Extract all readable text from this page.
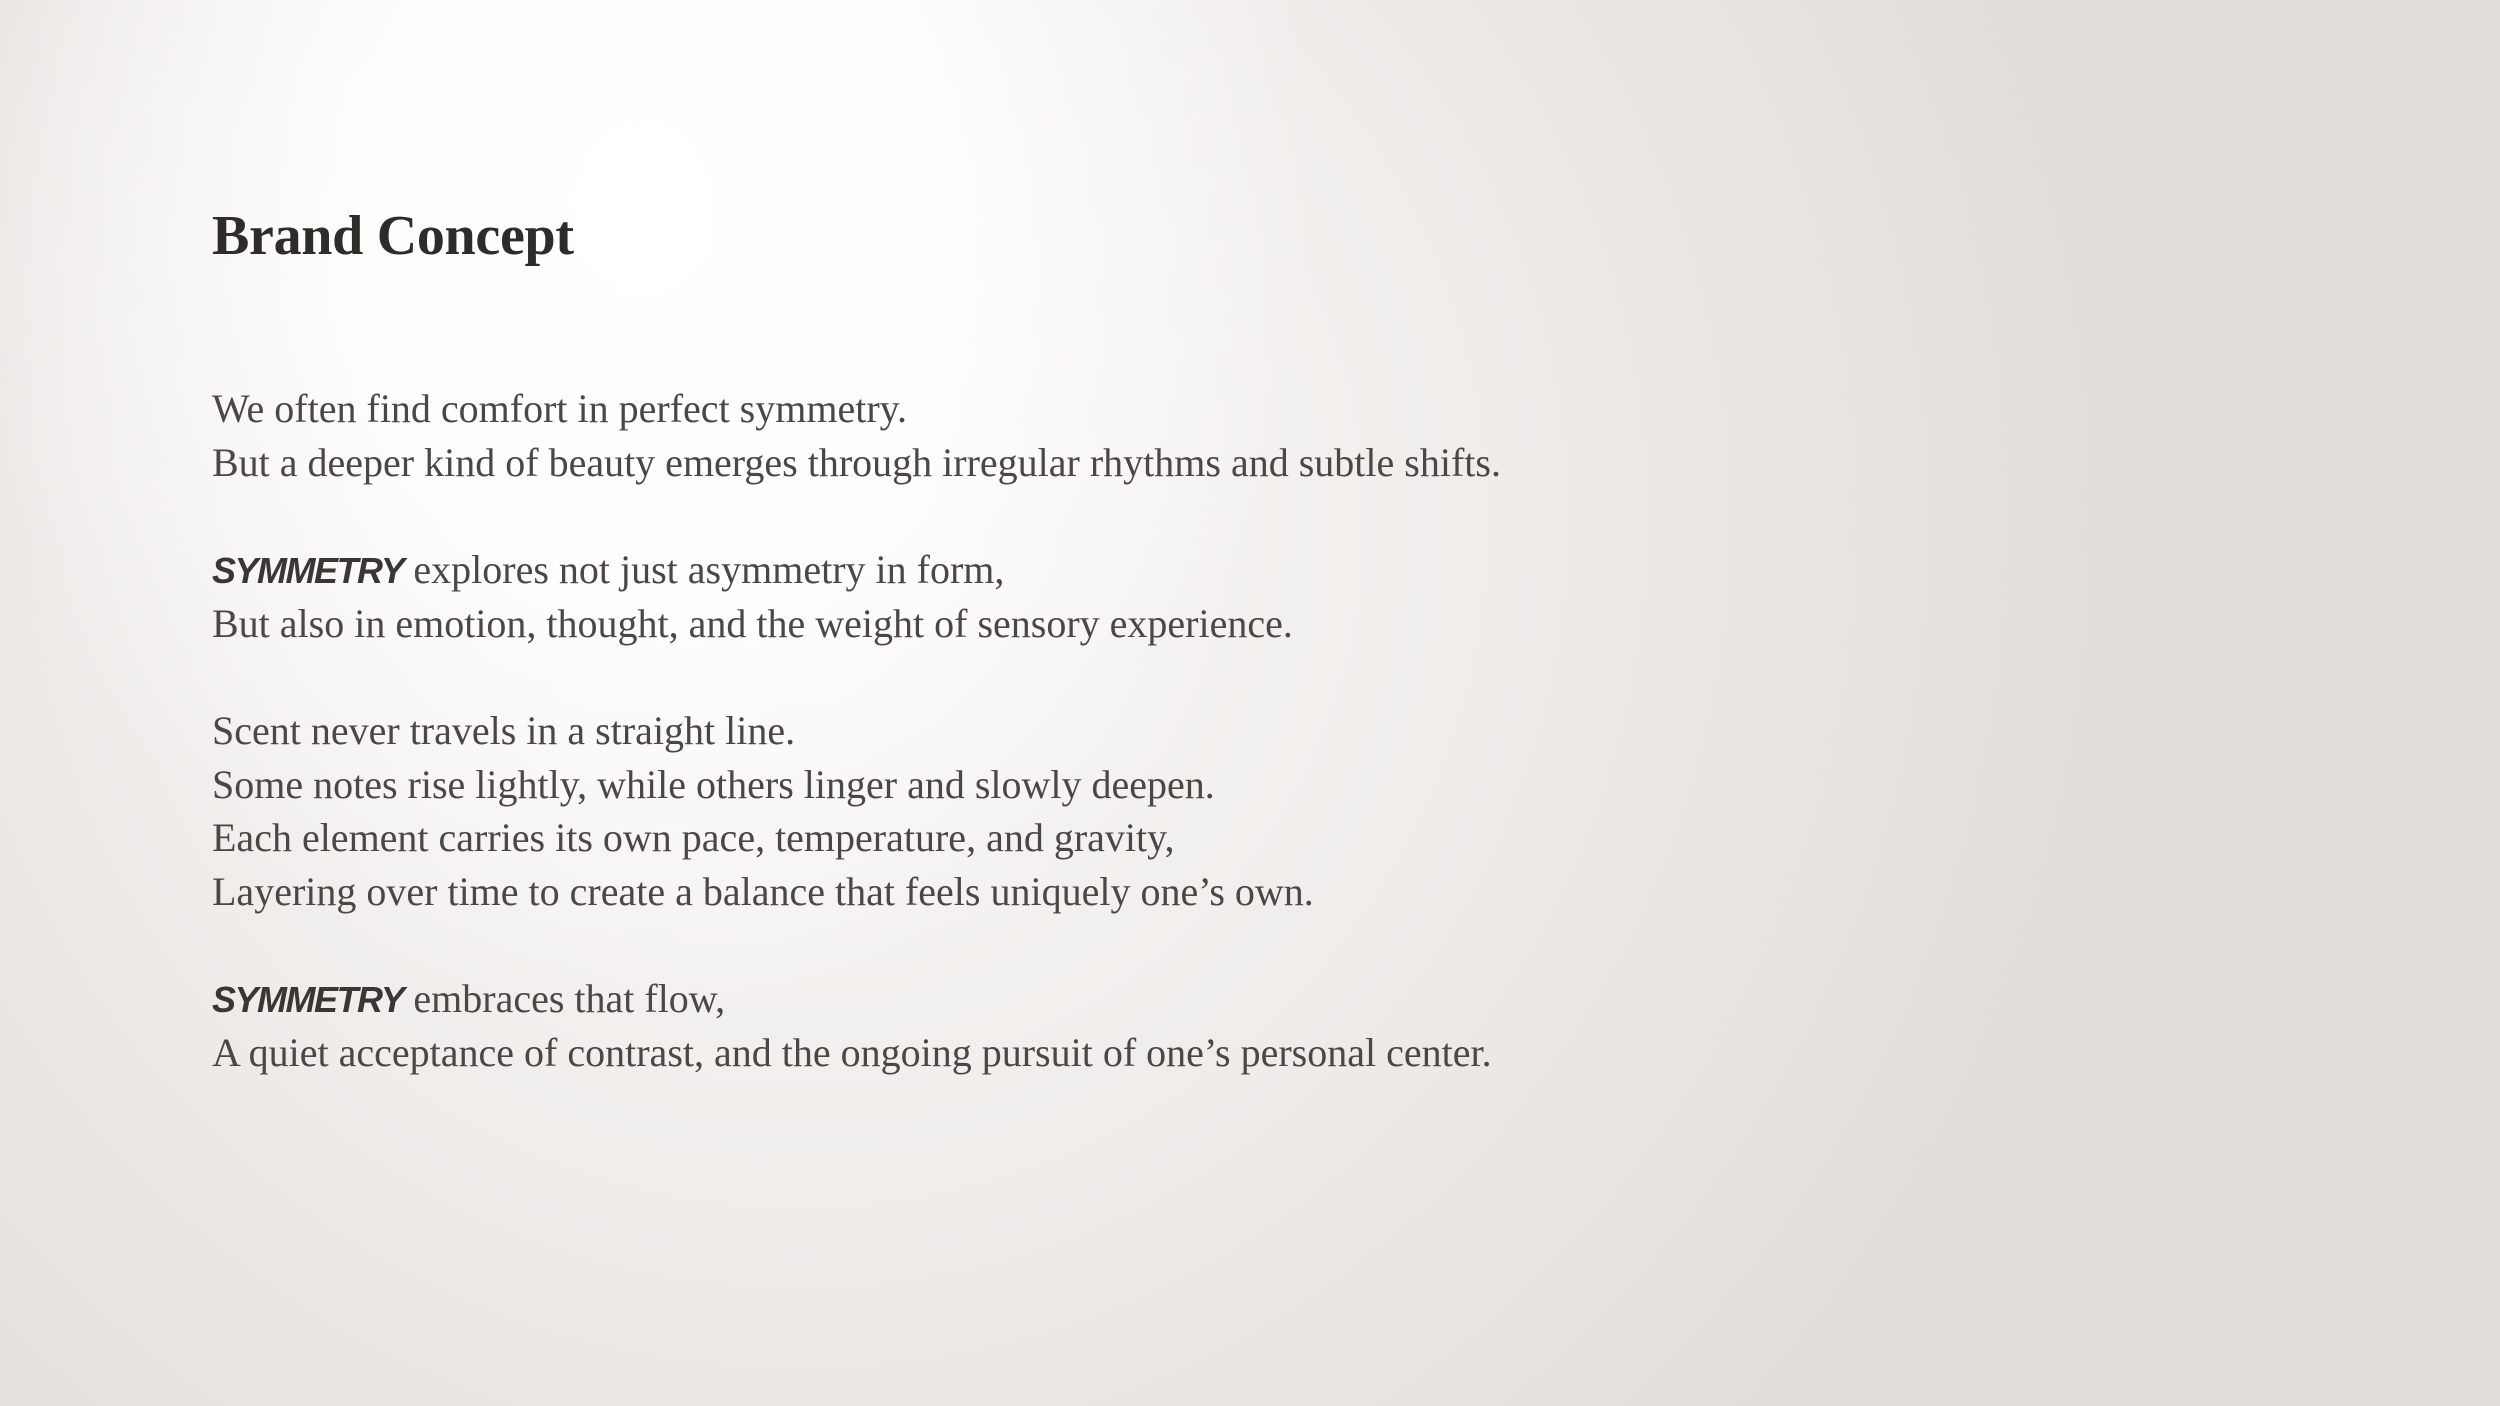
Brand Concept

We often find comfort in perfect symmetry.
But a deeper kind of beauty emerges through irregular rhythms and subtle shifts.

SYMMETRY explores not just asymmetry in form,
But also in emotion, thought, and the weight of sensory experience.

Scent never travels in a straight line.
Some notes rise lightly, while others linger and slowly deepen.
Each element carries its own pace, temperature, and gravity,
Layering over time to create a balance that feels uniquely one’s own.

SYMMETRY embraces that flow,
A quiet acceptance of contrast, and the ongoing pursuit of one’s personal center.
